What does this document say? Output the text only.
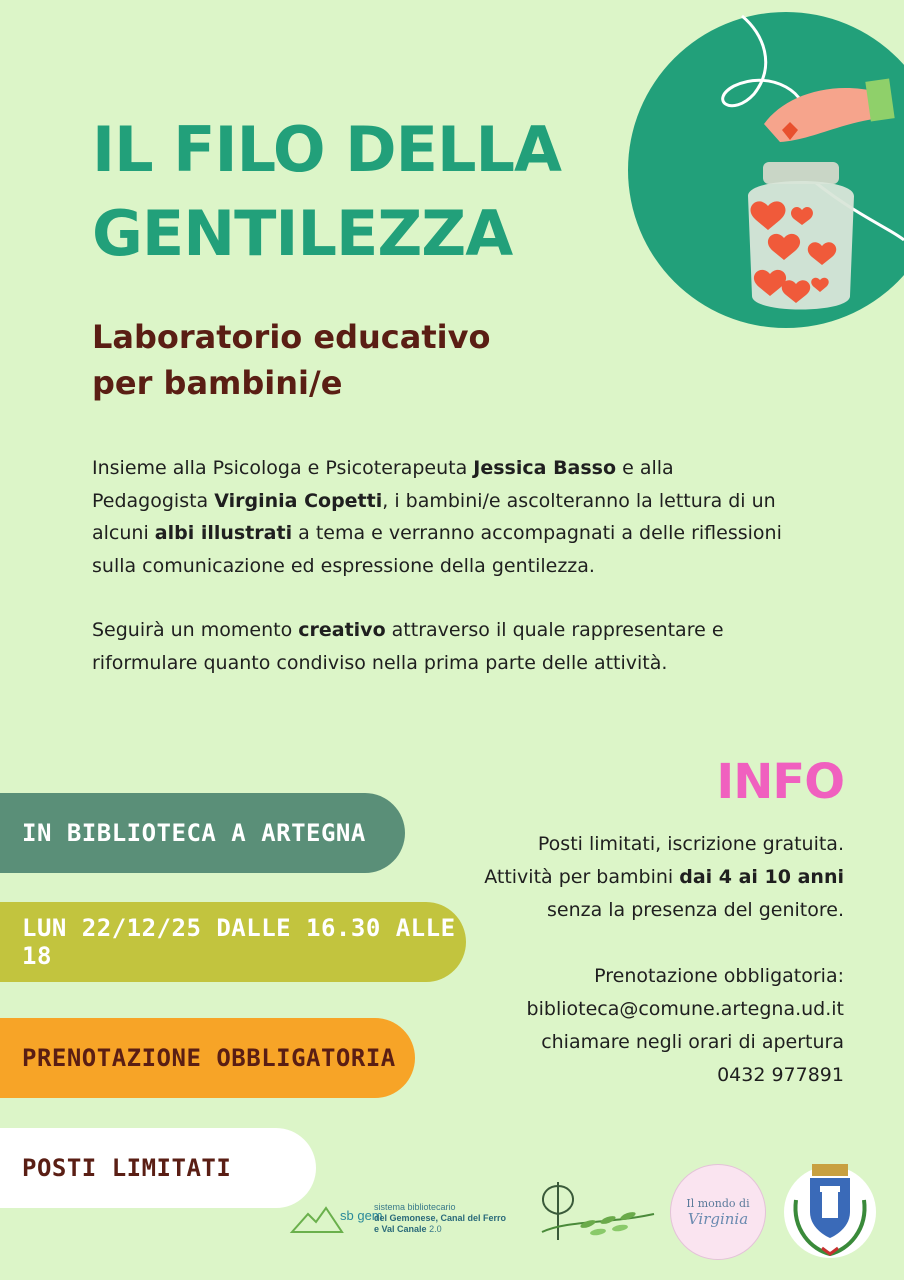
IL FILO DELLA
GENTILEZZA
Laboratorio educativo
per bambini/e

Insieme alla Psicologa e Psicoterapeuta Jessica Basso e alla Pedagogista Virginia Copetti, i bambini/e ascolteranno la lettura di un alcuni albi illustrati a tema e verranno accompagnati a delle riflessioni sulla comunicazione ed espressione della gentilezza.

Seguirà un momento creativo attraverso il quale rappresentare e riformulare quanto condiviso nella prima parte delle attività.

IN BIBLIOTECA A ARTEGNA
LUN 22/12/25 DALLE 16.30 ALLE 18
PRENOTAZIONE OBBLIGATORIA
POSTI LIMITATI
INFO
Posti limitati, iscrizione gratuita.
Attività per bambini dai 4 ai 10 anni
senza la presenza del genitore.
Prenotazione obbligatoria:
biblioteca@comune.artegna.ud.it
chiamare negli orari di apertura
0432 977891
sb gem
sistema bibliotecario
del Gemonese, Canal del Ferro
e Val Canale 2.0
Il mondo di
Virginia
